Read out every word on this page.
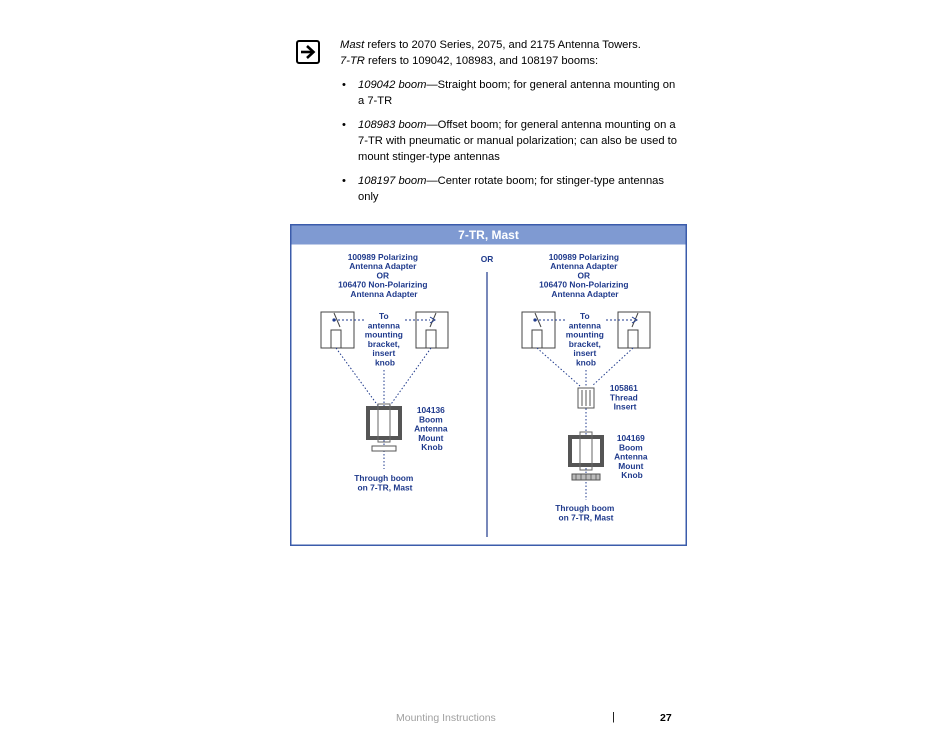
Mast refers to 2070 Series, 2075, and 2175 Antenna Towers.

7-TR refers to 109042, 108983, and 108197 booms:

• 109042 boom—Straight boom; for general antenna mounting on a 7-TR
• 108983 boom—Offset boom; for general antenna mounting on a 7-TR with pneumatic or manual polarization; can also be used to mount stinger-type antennas
• 108197 boom—Center rotate boom; for stinger-type antennas only
7-TR, Mast
OR
100989 Polarizing Antenna Adapter OR 106470 Non-Polarizing Antenna Adapter
To antenna mounting bracket, insert knob
104136 Boom Antenna Mount Knob
Through boom on 7-TR, Mast
100989 Polarizing Antenna Adapter OR 106470 Non-Polarizing Antenna Adapter
To antenna mounting bracket, insert knob
105861 Thread Insert
104169 Boom Antenna Mount Knob
Through boom on 7-TR, Mast
Mounting Instructions	|	27
